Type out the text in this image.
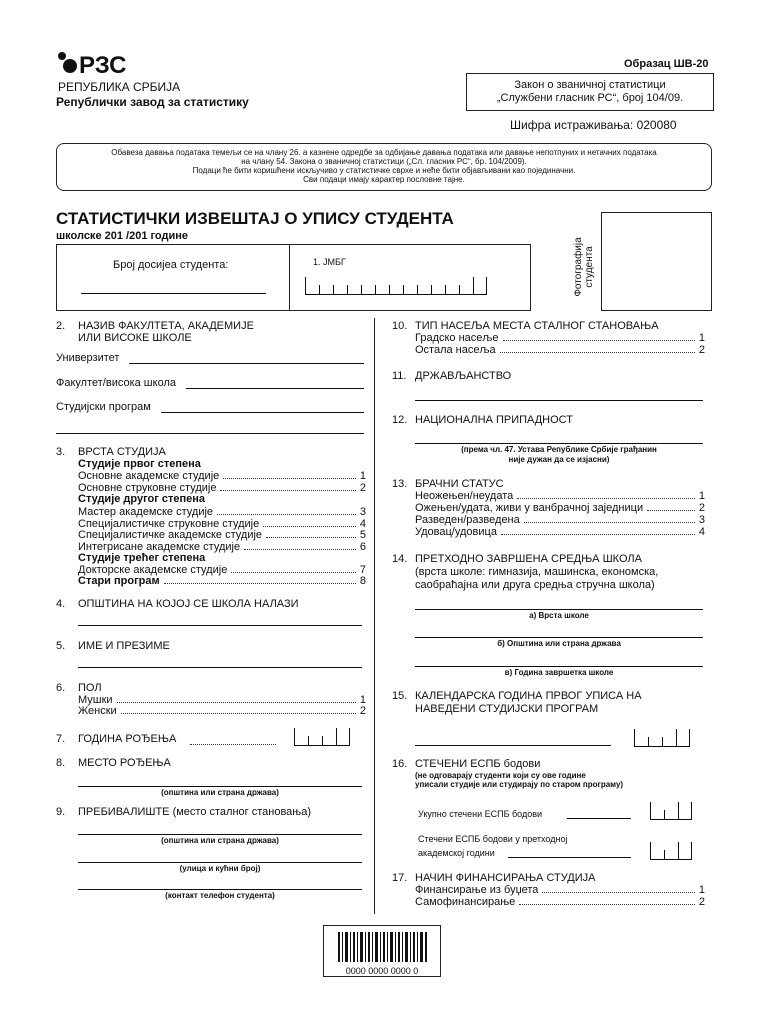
РЗС
РЕПУБЛИКА СРБИЈА
Републички завод за статистику
Образац ШВ-20
Закон о званичној статистици
„Службени гласник РС“, број 104/09.
Шифра истраживања: 020080
Обавеза давања података темељи се на члану 26. а казнене одредбе за одбијање давања података или давање непотпуних и нетачних података
на члану 54. Закона о званичној статистици („Сл. гласник РС“, бр. 104/2009).
Подаци ће бити коришћени искључиво у статистичке сврхе и неће бити објављивани као појединачни.
Сви подаци имају карактер пословне тајне.
СТАТИСТИЧКИ ИЗВЕШТАЈ О УПИСУ СТУДЕНТА
школске 201 /201 године
Фотографија студента
Број досијеа студента:	1. ЈМБГ
2. НАЗИВ ФАКУЛТЕТА, АКАДЕМИЈЕ
ИЛИ ВИСОКЕ ШКОЛЕ
Универзитет
Факултет/висока школа
Студијски програм
3. ВРСТА СТУДИЈА
Студије првог степена
Основне академске студије	1
Основне струковне студије	2
Студије другог степена
Мастер академске студије	3
Специјалистичке струковне студије	4
Специјалистичке академске студије	5
Интегрисане академске студије	6
Студије трећег степена
Докторске академске студије	7
Стари програм	8
4. ОПШТИНА НА КОЈОЈ СЕ ШКОЛА НАЛАЗИ
5. ИМЕ И ПРЕЗИМЕ
6. ПОЛ
Мушки	1
Женски	2
7. ГОДИНА РОЂЕЊА
8. МЕСТО РОЂЕЊА
(општина или страна држава)
9. ПРЕБИВАЛИШТЕ (место сталног становања)
(општина или страна држава)
(улица и кућни број)
(контакт телефон студента)
10. ТИП НАСЕЉА МЕСТА СТАЛНОГ СТАНОВАЊА
Градско насеље	1
Остала насеља	2
11. ДРЖАВЉАНСТВО
12. НАЦИОНАЛНА ПРИПАДНОСТ
(према чл. 47. Устава Републике Србије грађанин
није дужан да се изјасни)
13. БРАЧНИ СТАТУС
Неожењен/неудата	1
Ожењен/удата, живи у ванбрачној заједници	2
Разведен/разведена	3
Удовац/удовица	4
14. ПРЕТХОДНО ЗАВРШЕНА СРЕДЊА ШКОЛА
(врста школе: гимназија, машинска, економска,
саобраћајна или друга средња стручна школа)
а) Врста школе
б) Општина или страна држава
в) Година завршетка школе
15. КАЛЕНДАРСКА ГОДИНА ПРВОГ УПИСА НА
НАВЕДЕНИ СТУДИЈСКИ ПРОГРАМ
16. СТЕЧЕНИ ЕСПБ бодови
(не одговарају студенти који су ове године
уписали студије или студирају по старом програму)
Укупно стечени ЕСПБ бодови
Стечени ЕСПБ бодови у претходној
академској години
17. НАЧИН ФИНАНСИРАЊА СТУДИЈА
Финансирање из буџета	1
Самофинансирање	2
0000 0000 0000 0
